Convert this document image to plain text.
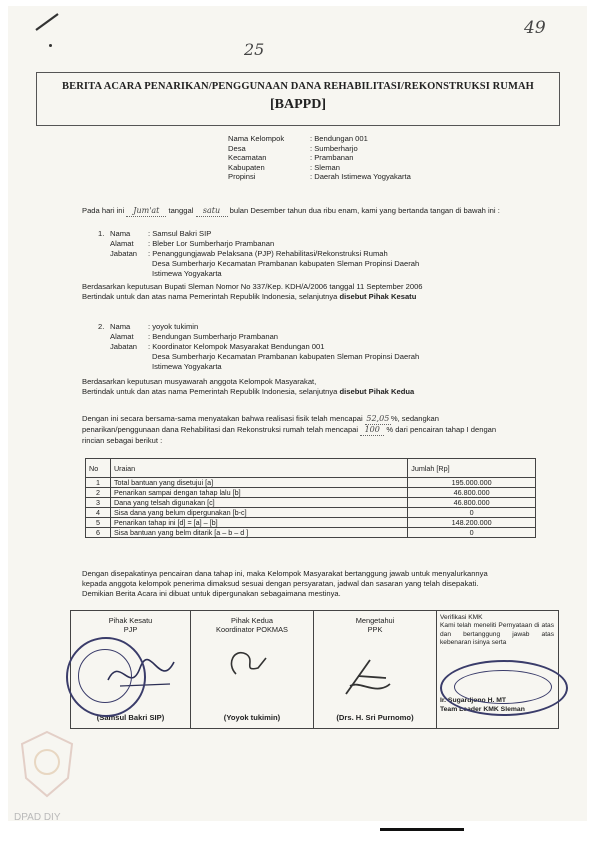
49
25
BERITA ACARA PENARIKAN/PENGGUNAAN DANA REHABILITASI/REKONSTRUKSI RUMAH
[BAPPD]
Nama Kelompok	: Bendungan 001
Desa	: Sumberharjo
Kecamatan	: Prambanan
Kabupaten	: Sleman
Propinsi	: Daerah Istimewa Yogyakarta
Pada hari ini Jum'at tanggal satu bulan Desember tahun dua ribu enam, kami yang bertanda tangan di bawah ini :
1. Nama : Samsul Bakri SIP
Alamat : Bleber Lor Sumberharjo Prambanan
Jabatan : Penanggungjawab Pelaksana (PJP) Rehabilitasi/Rekonstruksi Rumah
Desa Sumberharjo Kecamatan Prambanan kabupaten Sleman Propinsi Daerah
Istimewa Yogyakarta
Berdasarkan keputusan Bupati Sleman Nomor No 337/Kep. KDH/A/2006 tanggal 11 September 2006
Bertindak untuk dan atas nama Pemerintah Republik Indonesia, selanjutnya disebut Pihak Kesatu
2. Nama : yoyok tukimin
Alamat : Bendungan Sumberharjo Prambanan
Jabatan : Koordinator Kelompok Masyarakat Bendungan 001
Desa Sumberharjo Kecamatan Prambanan kabupaten Sleman Propinsi Daerah
Istimewa Yogyakarta
Berdasarkan keputusan musyawarah anggota Kelompok Masyarakat,
Bertindak untuk dan atas nama Pemerintah Republik Indonesia, selanjutnya disebut Pihak Kedua
Dengan ini secara bersama-sama menyatakan bahwa realisasi fisik telah mencapai 52,05 %, sedangkan
penarikan/penggunaan dana Rehabilitasi dan Rekonstruksi rumah telah mencapai 100 % dari pencairan tahap I dengan
rincian sebagai berikut :
No	Uraian	Jumlah [Rp]
1	Total bantuan yang disetujui [a]	195.000.000
2	Penarikan sampai dengan tahap lalu [b]	46.800.000
3	Dana yang telsah digunakan [c]	46.800.000
4	Sisa dana yang belum dipergunakan [b-c]	0
5	Penarikan tahap ini [d] = [a] – [b]	148.200.000
6	Sisa bantuan yang belm ditarik [a – b – d ]	0
Dengan disepakatinya pencairan dana tahap ini, maka Kelompok Masyarakat bertanggung jawab untuk menyalurkannya
kepada anggota kelompok penerima dimaksud sesuai dengan persyaratan, jadwal dan sasaran yang telah disepakati.
Demikian Berita Acara ini dibuat untuk dipergunakan sebagaimana mestinya.
Pihak Kesatu
PJP
(Samsul Bakri SIP)
Pihak Kedua
Koordinator POKMAS
(Yoyok tukimin)
Mengetahui
PPK
(Drs. H. Sri Purnomo)
Verifikasi KMK
Kami telah meneliti Pernyataan di atas dan bertanggung jawab atas kebenaran isinya serta
Ir. Sugardjono H. MT
Team Leader KMK Sleman
DPAD DIY
